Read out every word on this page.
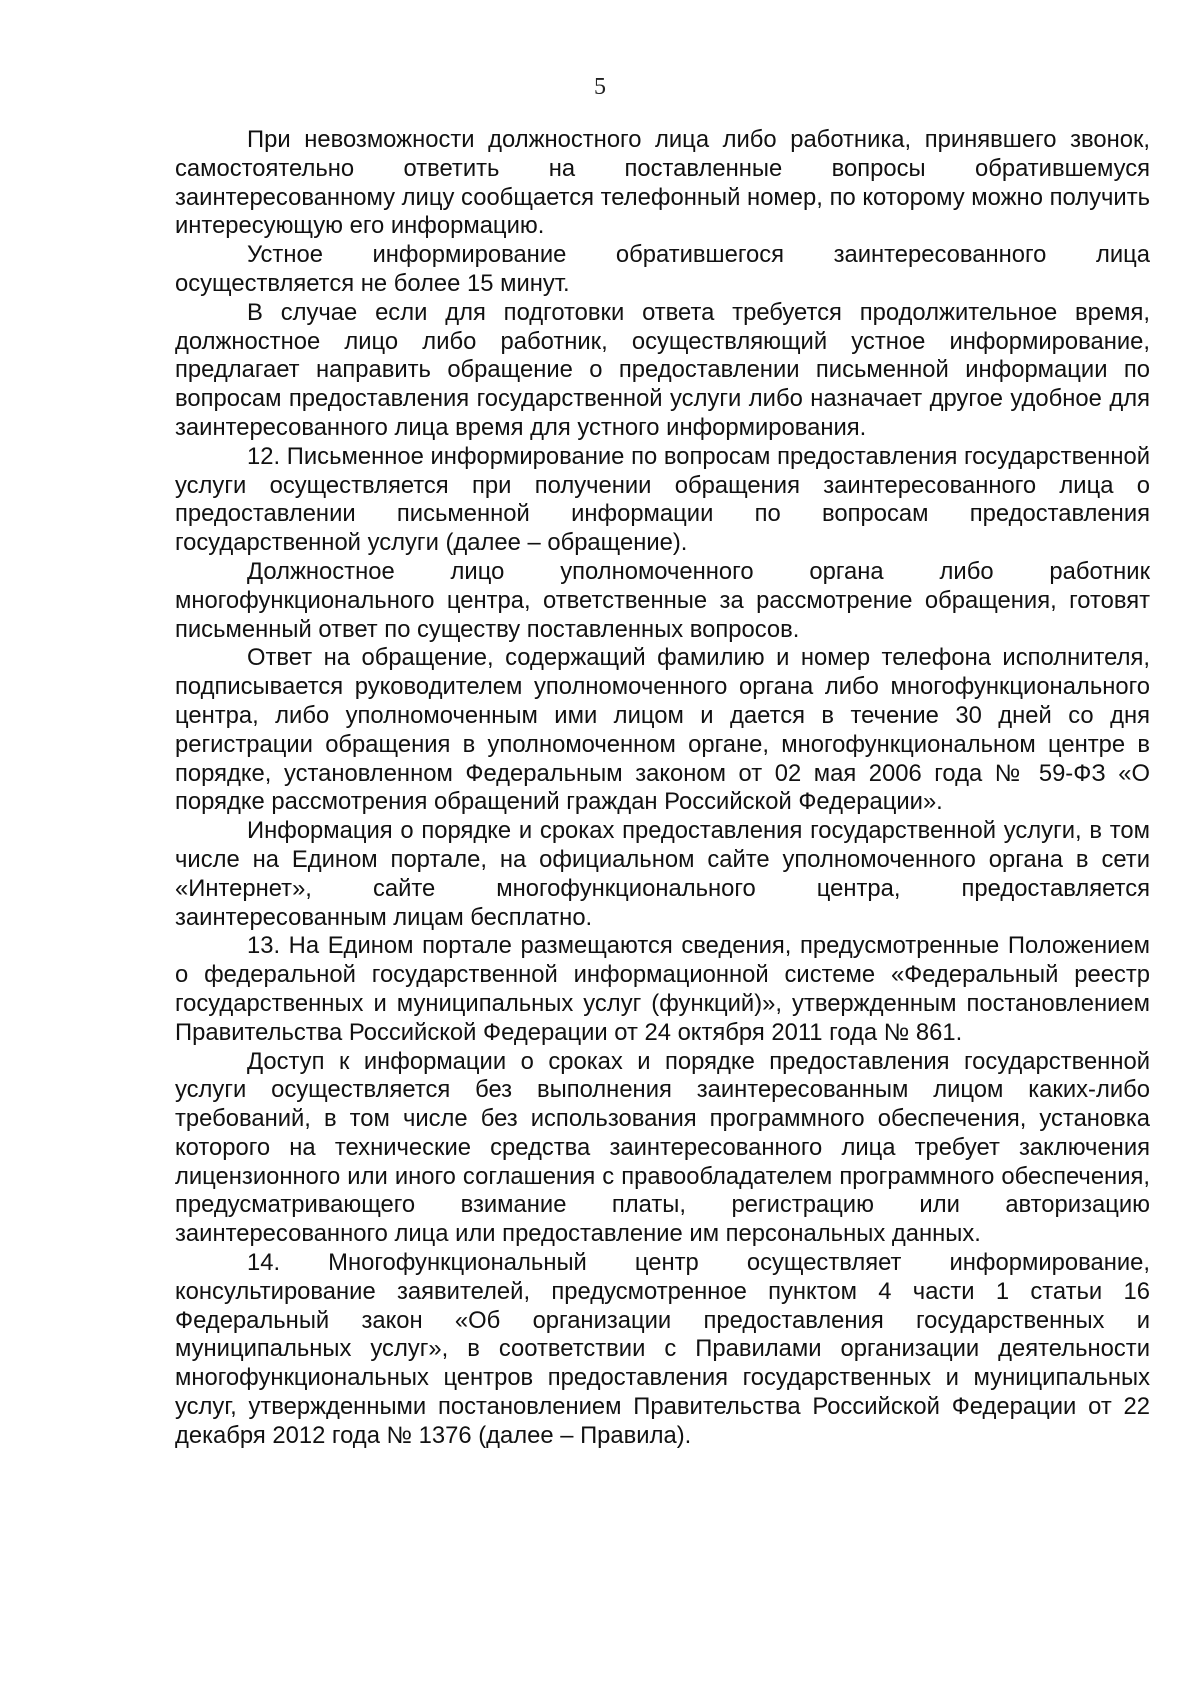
5

При невозможности должностного лица либо работника, принявшего звонок, самостоятельно ответить на поставленные вопросы обратившемуся заинтересованному лицу сообщается телефонный номер, по которому можно получить интересующую его информацию.

Устное информирование обратившегося заинтересованного лица осуществляется не более 15 минут.

В случае если для подготовки ответа требуется продолжительное время, должностное лицо либо работник, осуществляющий устное информирование, предлагает направить обращение о предоставлении письменной информации по вопросам предоставления государственной услуги либо назначает другое удобное для заинтересованного лица время для устного информирования.

12. Письменное информирование по вопросам предоставления государственной услуги осуществляется при получении обращения заинтересованного лица о предоставлении письменной информации по вопросам предоставления государственной услуги (далее – обращение).

Должностное лицо уполномоченного органа либо работник многофункционального центра, ответственные за рассмотрение обращения, готовят письменный ответ по существу поставленных вопросов.

Ответ на обращение, содержащий фамилию и номер телефона исполнителя, подписывается руководителем уполномоченного органа либо многофункционального центра, либо уполномоченным ими лицом и дается в течение 30 дней со дня регистрации обращения в уполномоченном органе, многофункциональном центре в порядке, установленном Федеральным законом от 02 мая 2006 года № 59-ФЗ «О порядке рассмотрения обращений граждан Российской Федерации».

Информация о порядке и сроках предоставления государственной услуги, в том числе на Едином портале, на официальном сайте уполномоченного органа в сети «Интернет», сайте многофункционального центра, предоставляется заинтересованным лицам бесплатно.

13. На Едином портале размещаются сведения, предусмотренные Положением о федеральной государственной информационной системе «Федеральный реестр государственных и муниципальных услуг (функций)», утвержденным постановлением Правительства Российской Федерации от 24 октября 2011 года № 861.

Доступ к информации о сроках и порядке предоставления государственной услуги осуществляется без выполнения заинтересованным лицом каких-либо требований, в том числе без использования программного обеспечения, установка которого на технические средства заинтересованного лица требует заключения лицензионного или иного соглашения с правообладателем программного обеспечения, предусматривающего взимание платы, регистрацию или авторизацию заинтересованного лица или предоставление им персональных данных.

14. Многофункциональный центр осуществляет информирование, консультирование заявителей, предусмотренное пунктом 4 части 1 статьи 16 Федеральный закон «Об организации предоставления государственных и муниципальных услуг», в соответствии с Правилами организации деятельности многофункциональных центров предоставления государственных и муниципальных услуг, утвержденными постановлением Правительства Российской Федерации от 22 декабря 2012 года № 1376 (далее – Правила).
